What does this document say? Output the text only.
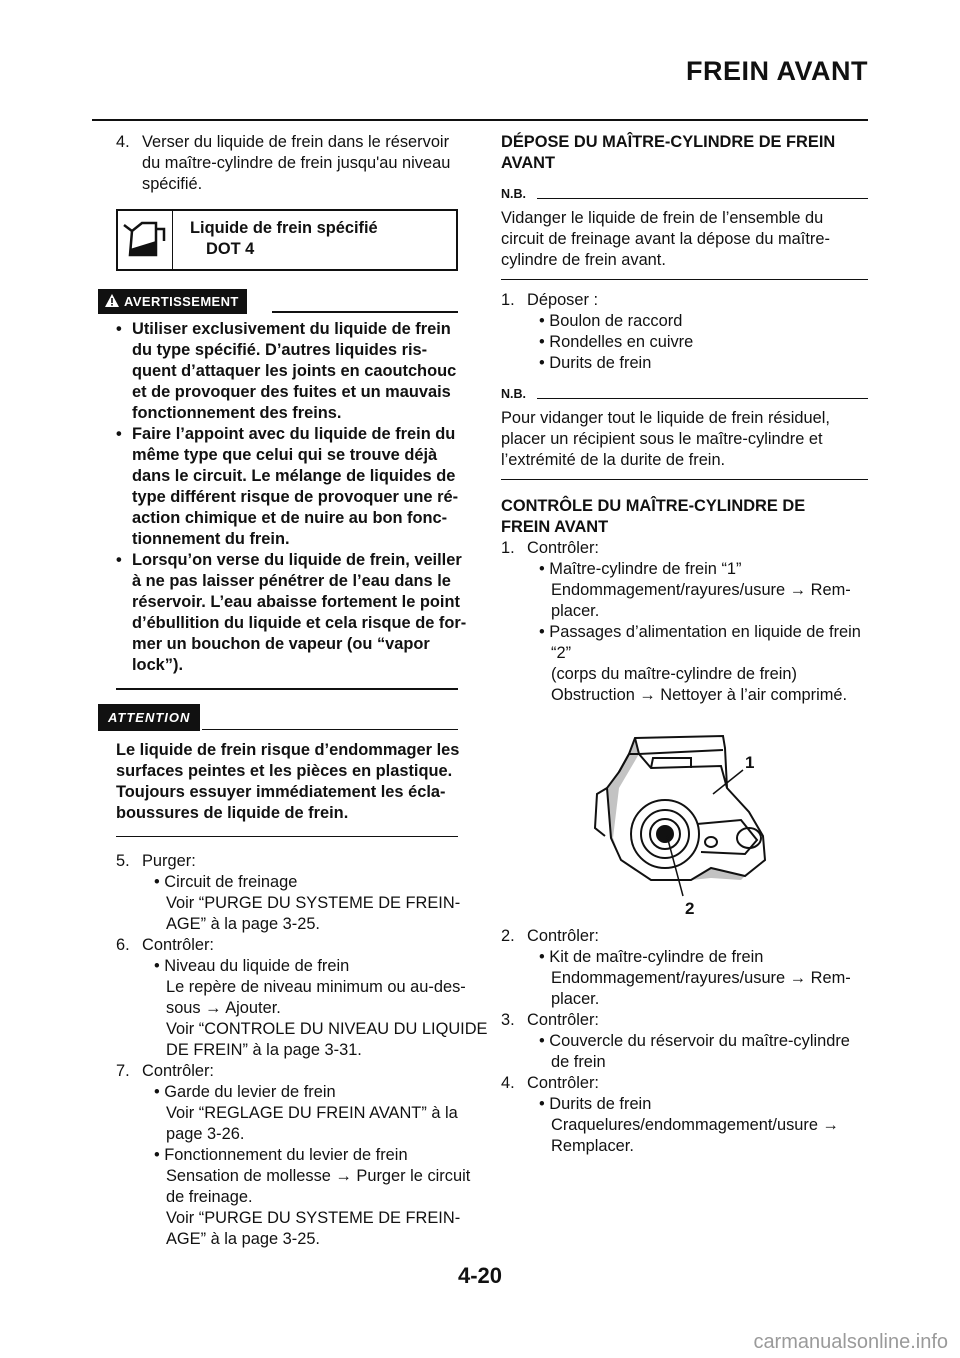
FREIN AVANT
4. Verser du liquide de frein dans le réservoir
du maître-cylindre de frein jusqu'au niveau
spécifié.
Liquide de frein spécifié
DOT 4
AVERTISSEMENT
• Utiliser exclusivement du liquide de frein
du type spécifié. D’autres liquides ris-
quent d’attaquer les joints en caoutchouc
et de provoquer des fuites et un mauvais
fonctionnement des freins.
• Faire l’appoint avec du liquide de frein du
même type que celui qui se trouve déjà
dans le circuit. Le mélange de liquides de
type différent risque de provoquer une ré-
action chimique et de nuire au bon fonc-
tionnement du frein.
• Lorsqu’on verse du liquide de frein, veiller
à ne pas laisser pénétrer de l’eau dans le
réservoir. L’eau abaisse fortement le point
d’ébullition du liquide et cela risque de for-
mer un bouchon de vapeur (ou “vapor
lock”).
ATTENTION
Le liquide de frein risque d’endommager les
surfaces peintes et les pièces en plastique.
Toujours essuyer immédiatement les écla-
boussures de liquide de frein.
5. Purger:
• Circuit de freinage
Voir “PURGE DU SYSTEME DE FREIN-
AGE” à la page 3-25.
6. Contrôler:
• Niveau du liquide de frein
Le repère de niveau minimum ou au-des-
sous → Ajouter.
Voir “CONTROLE DU NIVEAU DU LIQUIDE
DE FREIN” à la page 3-31.
7. Contrôler:
• Garde du levier de frein
Voir “REGLAGE DU FREIN AVANT” à la
page 3-26.
• Fonctionnement du levier de frein
Sensation de mollesse → Purger le circuit
de freinage.
Voir “PURGE DU SYSTEME DE FREIN-
AGE” à la page 3-25.
DÉPOSE DU MAÎTRE-CYLINDRE DE FREIN
AVANT
N.B.
Vidanger le liquide de frein de l’ensemble du
circuit de freinage avant la dépose du maître-
cylindre de frein avant.
1. Déposer :
• Boulon de raccord
• Rondelles en cuivre
• Durits de frein
N.B.
Pour vidanger tout le liquide de frein résiduel,
placer un récipient sous le maître-cylindre et
l’extrémité de la durite de frein.
CONTRÔLE DU MAÎTRE-CYLINDRE DE
FREIN AVANT
1. Contrôler:
• Maître-cylindre de frein “1”
Endommagement/rayures/usure → Rem-
placer.
• Passages d’alimentation en liquide de frein
“2”
(corps du maître-cylindre de frein)
Obstruction → Nettoyer à l’air comprimé.
1
2
2. Contrôler:
• Kit de maître-cylindre de frein
Endommagement/rayures/usure → Rem-
placer.
3. Contrôler:
• Couvercle du réservoir du maître-cylindre
de frein
4. Contrôler:
• Durits de frein
Craquelures/endommagement/usure →
Remplacer.
4-20
carmanualsonline.info
